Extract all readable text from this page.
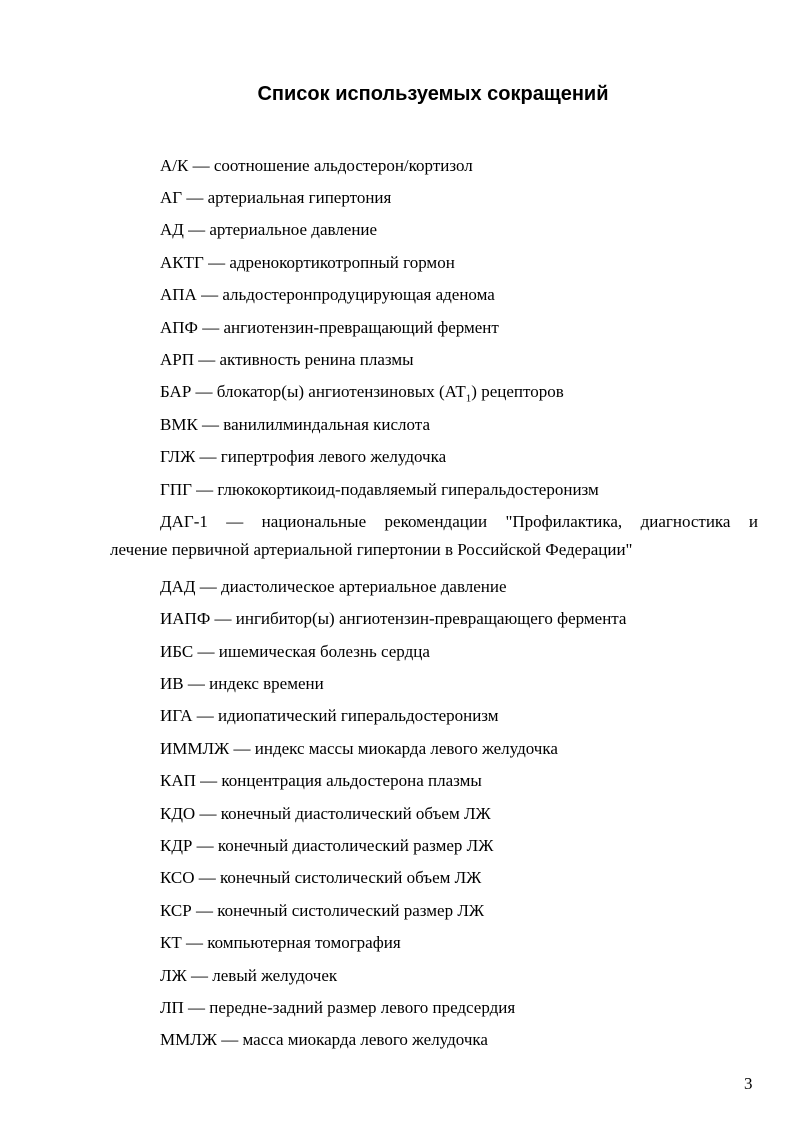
Список используемых сокращений
А/К — соотношение альдостерон/кортизол
АГ — артериальная гипертония
АД — артериальное давление
АКТГ — адренокортикотропный гормон
АПА — альдостеронпродуцирующая аденома
АПФ — ангиотензин-превращающий фермент
АРП — активность ренина плазмы
БАР — блокатор(ы) ангиотензиновых $(АТ_1)$ рецепторов
ВМК — ванилилминдальная кислота
ГЛЖ — гипертрофия левого желудочка
ГПГ — глюкокортикоид-подавляемый гиперальдостеронизм
ДАГ-1 — национальные рекомендации "Профилактика, диагностика и
лечение первичной артериальной гипертонии в Российской Федерации"
ДАД — диастолическое артериальное давление
ИАПФ — ингибитор(ы) ангиотензин-превращающего фермента
ИБС — ишемическая болезнь сердца
ИВ — индекс времени
ИГА — идиопатический гиперальдостеронизм
ИММЛЖ — индекс массы миокарда левого желудочка
КАП — концентрация альдостерона плазмы
КДО — конечный диастолический объем ЛЖ
КДР — конечный диастолический размер ЛЖ
КСО — конечный систолический объем ЛЖ
КСР — конечный систолический размер ЛЖ
КТ — компьютерная томография
ЛЖ — левый желудочек
ЛП — передне-задний размер левого предсердия
ММЛЖ — масса миокарда левого желудочка
3
